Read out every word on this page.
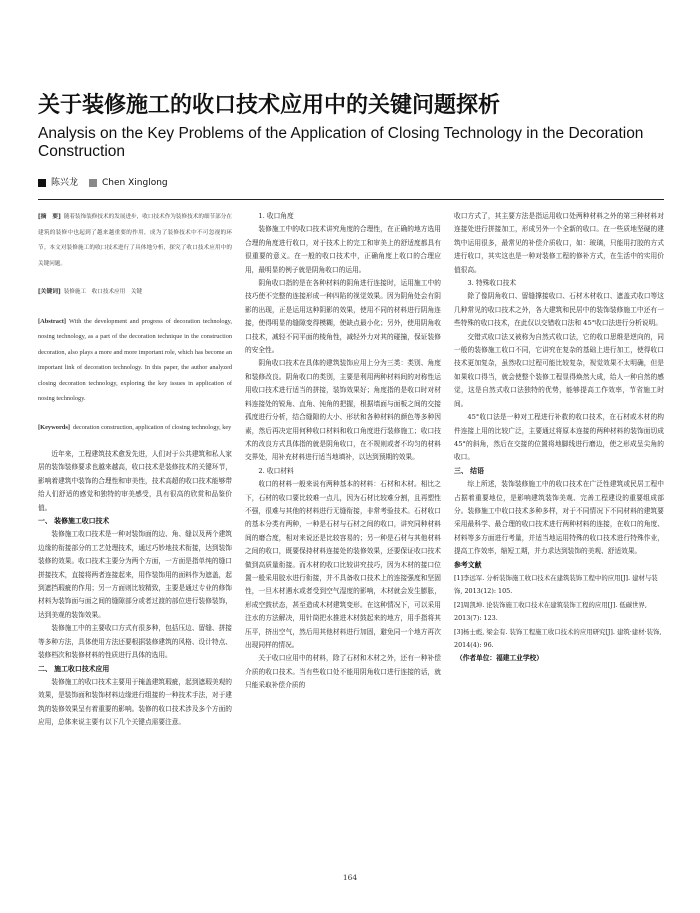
关于装修施工的收口技术应用中的关键问题探析
Analysis on the Key Problems of the Application of Closing Technology in the Decoration Construction
陈兴龙	Chen Xinglong

[摘　要] 随着装饰装修技术的发展进步，收口技术作为装修技术的细节部分在建筑的装修中也起到了越来越重要的作用，成为了装修技术中不可忽视的环节。本文对装修施工的收口技术进行了具体地分析，探究了收口技术应用中的关键问题。

[关键词] 装修施工　收口技术应用　关键

[Abstract] With the development and progress of decoration technology, nosing technology, as a part of the decoration technique in the construction decoration, also plays a more and more important role, which has become an important link of decoration technology. In this paper, the author analyzed closing decoration technology, exploring the key issues in application of nosing technology.

[Keywords] decoration construction, application of closing technology, key

近年来，工程建筑技术愈发先进，人们对于公共建筑和私人家居的装饰装修要求也越来越高，收口技术是装修技术的关键环节，影响着建筑中装饰的合理性和审美性，技术高超的收口技术能够带给人们舒适的感觉和独特的审美感受，具有很高的欣赏和品鉴价值。

一、 装修施工收口技术

装修施工收口技术是一种对装饰面的边、角、缝以及两个建筑边缘的衔接部分的工艺处理技术，通过巧妙地技术衔接，达到装饰装修的效果。收口技术主要分为两个方面，一方面是指单纯的缝口拼接技术，直接将两者连接起来，用作装饰用的面料作为遮盖，起到遮挡瑕疵的作用；另一方面则比较精致，主要是通过专业的修饰材料为装饰面与面之间的缝隙部分或者过渡的部位进行装修装饰，达到美观的装饰效果。

装修施工中的主要收口方式有很多种，包括压边、留缝、拼接等多种方法，具体使用方法还要根据装修建筑的风格、设计特点、装修档次和装修材料的性质进行具体的选用。

二、 施工收口技术应用

装修施工的收口技术主要用于掩盖建筑瑕疵，起到遮瑕美观的效果，是装饰面和装饰材料边缘进行组接的一种技术手法，对于建筑的装修效果呈有着重要的影响。装修的收口技术涉及多个方面的应用，总体来说主要有以下几个关键点需要注意。

1. 收口角度

装修施工中的收口技术讲究角度的合理性，在正确的地方选用合理的角度进行收口，对于技术上的完工和审美上的舒适度都具有很重要的意义。在一般的收口技术中，正确角度上收口的合理应用，最明显的例子就是阴角收口的运用。

阴角收口指的是在各种材料的阴角进行连接时，运用施工中的技巧使不完整的连接形成一种四陷的视觉效果。因为阴角处会有阴影的出现，正是运用这种阴影的效果，使用不同的材料进行阴角连接，使得明显的缝隙变得模糊，使缺点最小化；另外，使用阴角收口技术，减轻不同平面的棱角性，减轻外力对其的碰撞，保证装修的安全性。

阴角收口技术在具体的建筑装饰应用上分为三类：类别、角度和装修改良。阴角收口的类别，主要是利用两种材料间的对称性运用收口技术进行适当的拼接，装饰效果好；角度指的是收口时对材料连接处的锐角、直角、钝角的把握，根据墙面与面板之间的交接孤度进行分析，结合缝隙的大小、形状和各种材料的颜色等多种因素，然后再决定用何种收口材料和收口角度进行装修施工；收口技术的改良方式具体指的就是阴角收口，在不规则或者不均匀的材料交界处，用补充材料进行适当地填补，以达到预期的效果。

2. 收口材料

收口的材料一般来说有两种基本的材料：石材和木材。相比之下，石材的收口要比较难一点儿，因为石材比较难分割，且再塑性不强，很难与其他的材料进行无缝衔接，非常考验技术。石材收口的基本分类有两种，一种是石材与石材之间的收口，讲究同种材料间的磨合度，相对来说还是比较容易的；另一种是石材与其他材料之间的收口，既要保持材料连接处的装修效果，还要保证收口技术做到高质量衔接。而木材的收口比较讲究技巧，因为木材的接口位置一般采用胶水进行衔接，并不具备收口技术上的连接强度和坚固性，一旦木材遇水或者受到空气湿度的影响，木材就会发生膨胀，形成空鼓状态，甚至造成木材建筑变形。在这种情况下，可以采用注水的方法解决，用针筒把水推进木材鼓起来的地方，用手指将其压平，挤出空气，然后用其他材料进行加固，避免同一个地方再次出现同样的情况。

关于收口应用中的材料，除了石材和木材之外，还有一种补偿介质的收口技术。当有些收口处不能用阴角收口进行连接的话，就只能采取补偿介质的

收口方式了，其主要方法是指运用收口处两种材料之外的第三种材料对连接处进行拼接加工，形成另外一个全新的收口。在一些质地坚硬的建筑中运用很多，最常见的补偿介质收口，如：玻璃，只能用打胶的方式进行收口，其实这也是一种对装修工程的修补方式，在生活中的实用价值很高。

3. 特殊收口技术

除了像阴角收口、留缝撑接收口、石材木材收口、遮盖式收口等这几种常见的收口技术之外，各大建筑和民居中的装饰装修施工中还有一些特殊的收口技术，在此仅以交错收口法和 45°收口法进行分析说明。

交错式收口法又被称为自然式收口法，它的收口思维是逆向的，同一般的装修施工收口不同，它讲究在复杂的基础上进行加工，使得收口技术更加复杂，虽然收口过程可能比较复杂，视觉效果不太明确，但是如果收口得当，就会使整个装修工程显得焕然大成，给人一种自然的感觉，这是自然式收口法独特的优势，能够提高工作效率，节省施工时间。

45°收口法是一种对工程进行补救的收口技术，在石材或木材的构件连接上用的比较广泛，主要通过将原本连接的两种材料的装饰面切成 45°的斜角，然后在交接的位置将地脚线进行磨边，使之形成呈尖角的收口。

三、 结语

综上所述，装饰装修施工中的收口技术在广泛性建筑或民居工程中占据着重要地位，是影响建筑装饰美观、完善工程建设的重要组成部分。装修施工中收口技术多种多样，对于不同情况下不同材料的建筑要采用最科学、最合理的收口技术进行两种材料的连接，在收口的角度、材料等多方面进行考量，并适当地运用特殊的收口技术进行特殊作业，提高工作效率，缩短工期，并力求达到装饰的美观、舒适效果。

参考文献

[1]李远军. 分析装饰施工收口技术在建筑装饰工程中的应用[J]. 建材与装饰, 2013(12): 105.

[2]周凯坤. 论装饰施工收口技术在建筑装饰工程的应用[J]. 低碳世界, 2013(7): 123.

[3]杨士彪, 梁金有. 装饰工程施工收口技术的应用研究[J]. 建筑·建材·装饰, 2014(4): 96.

（作者单位：福建工业学校）

164
